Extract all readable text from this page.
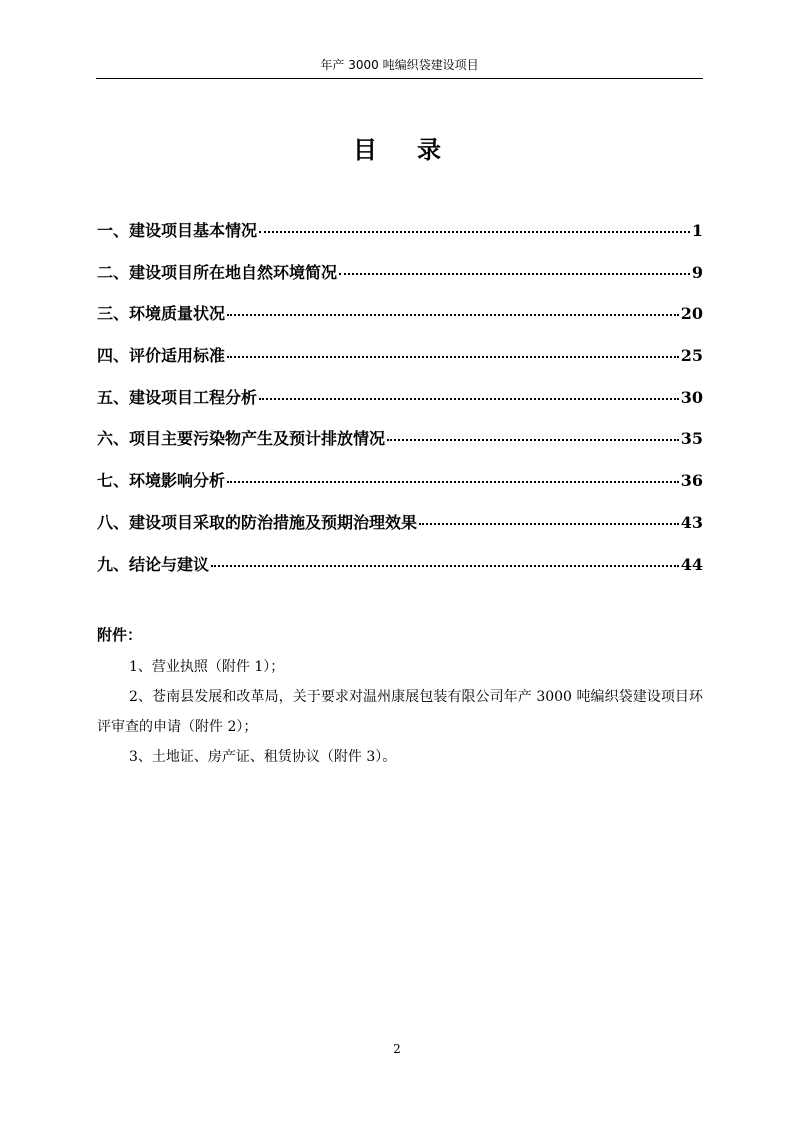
年产 3000 吨编织袋建设项目
目 录
一、建设项目基本情况	1
二、建设项目所在地自然环境简况	9
三、环境质量状况	20
四、评价适用标准	25
五、建设项目工程分析	30
六、项目主要污染物产生及预计排放情况	35
七、环境影响分析	36
八、建设项目采取的防治措施及预期治理效果	43
九、结论与建议	44
附件：
1、营业执照（附件 1）；
2、苍南县发展和改革局，关于要求对温州康展包装有限公司年产 3000 吨编织袋建设项目环评审查的申请（附件 2）；
3、土地证、房产证、租赁协议（附件 3）。
2
